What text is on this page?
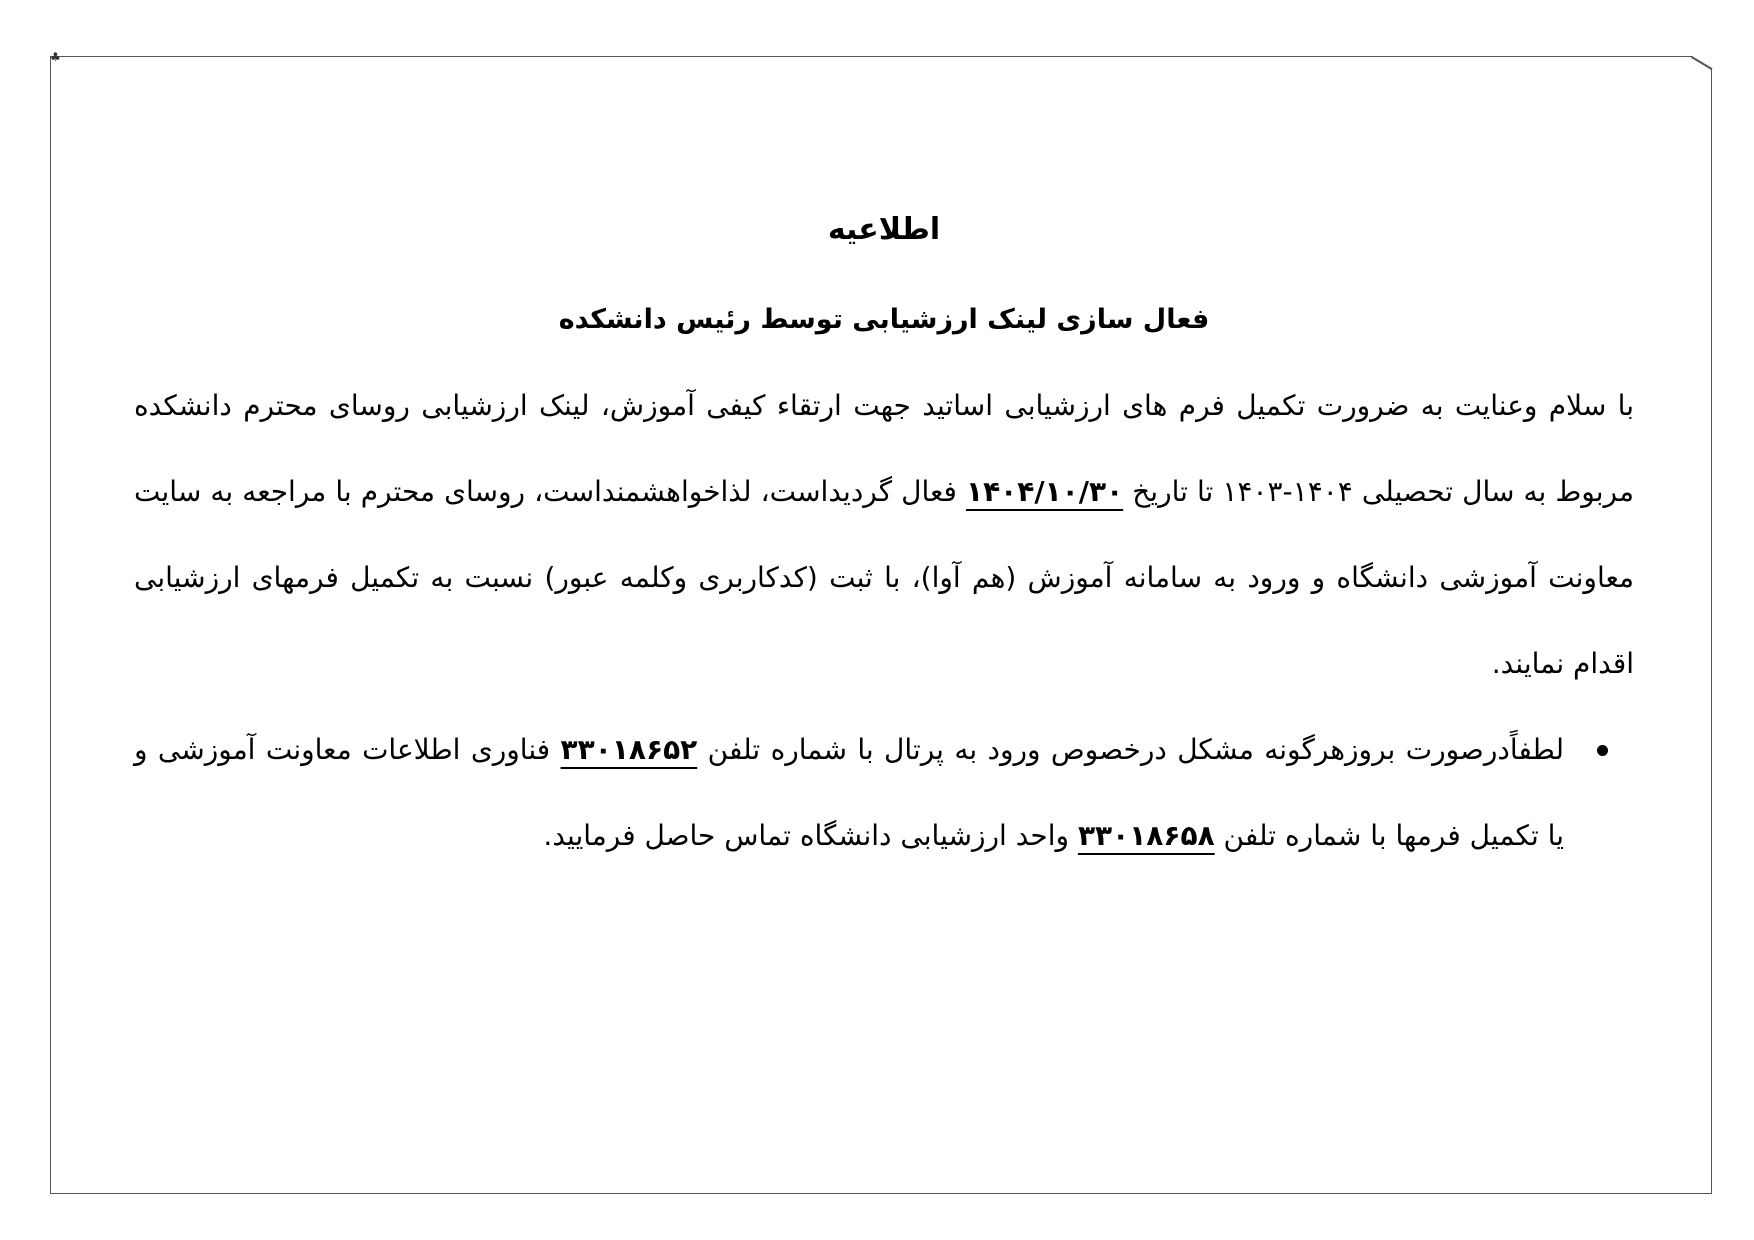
♣
اطلاعیه
فعال سازی لینک ارزشیابی توسط رئیس دانشکده

با سلام وعنایت به ضرورت تکمیل فرم های ارزشیابی اساتید جهت ارتقاء کیفی آموزش، لینک ارزشیابی روسای محترم دانشکده مربوط به سال تحصیلی ۱۴۰۴-۱۴۰۳ تا تاریخ ۱۴۰۴/۱۰/۳۰ فعال گردیداست، لذاخواهشمنداست، روسای محترم با مراجعه به سایت معاونت آموزشی دانشگاه و ورود به سامانه آموزش (هم آوا)، با ثبت (کدکاربری وکلمه عبور) نسبت به تکمیل فرمهای ارزشیابی اقدام نمایند.

لطفاًدرصورت بروزهرگونه مشکل درخصوص ورود به پرتال با شماره تلفن ۳۳۰۱۸۶۵۲ فناوری اطلاعات معاونت آموزشی و یا تکمیل فرمها با شماره تلفن ۳۳۰۱۸۶۵۸ واحد ارزشیابی دانشگاه تماس حاصل فرمایید.
